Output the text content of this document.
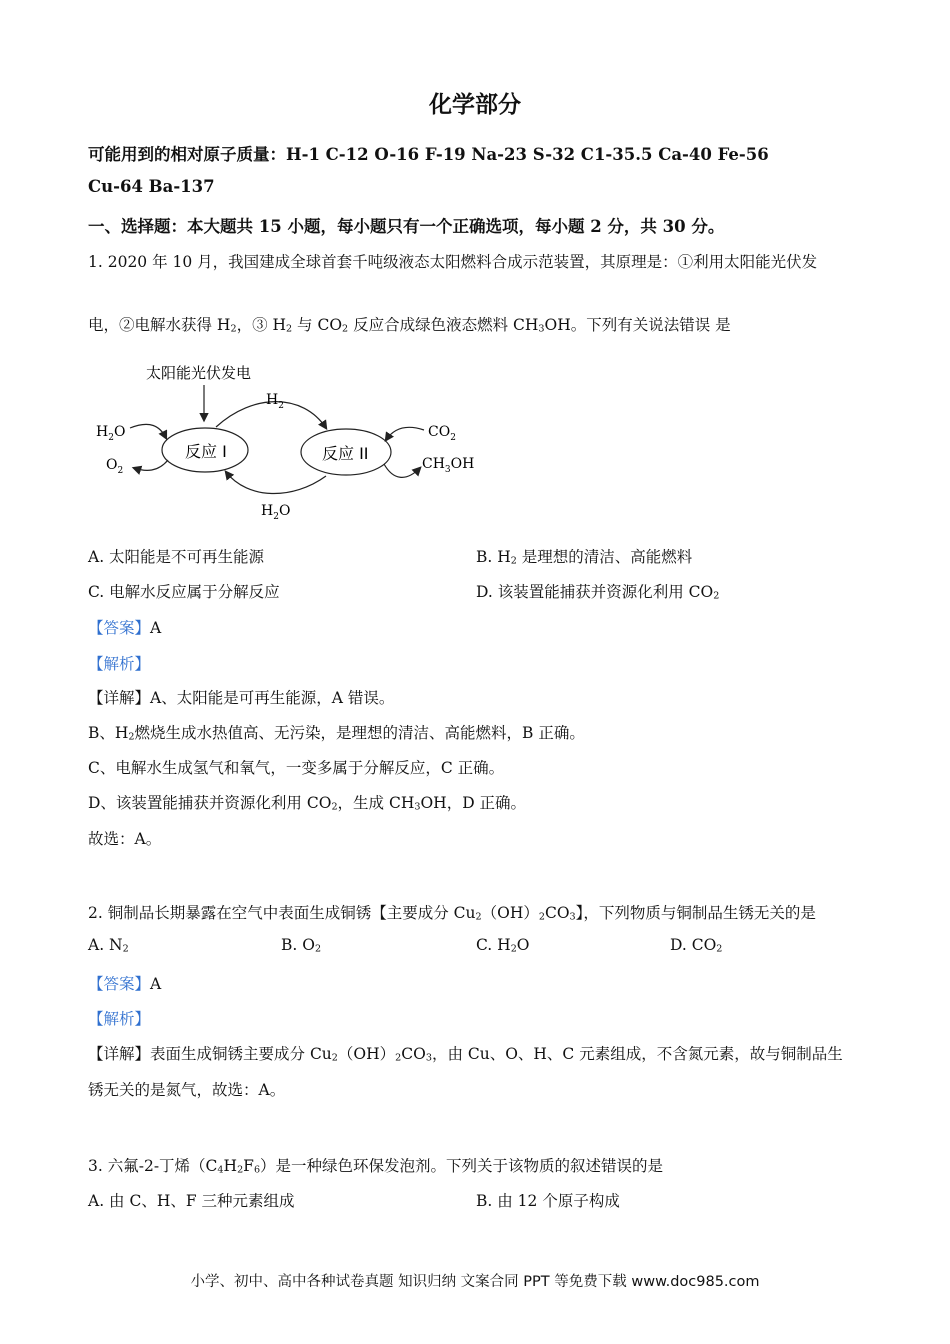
化学部分
可能用到的相对原子质量：H-1 C-12 O-16 F-19 Na-23 S-32 C1-35.5 Ca-40 Fe-56
Cu-64 Ba-137
一、选择题：本大题共 15 小题，每小题只有一个正确选项，每小题 2 分，共 30 分。
1. 2020 年 10 月，我国建成全球首套千吨级液态太阳燃料合成示范装置，其原理是：①利用太阳能光伏发
电，②电解水获得 $H_2$，③ $H_2$ 与 $CO_2$ 反应合成绿色液态燃料 $CH_3OH$。下列有关说法错误 是
太阳能光伏发电
反应 I	反应 II
$H_2$
$H_2O$
$H_2O$
$O_2$
$CO_2$
$CH_3OH$
A. 太阳能是不可再生能源	B. $H_2$ 是理想的清洁、高能燃料
C. 电解水反应属于分解反应	D. 该装置能捕获并资源化利用 $CO_2$
【答案】A
【解析】
【详解】A、太阳能是可再生能源，A 错误。
B、$H_2$燃烧生成水热值高、无污染，是理想的清洁、高能燃料，B 正确。
C、电解水生成氢气和氧气，一变多属于分解反应，C 正确。
D、该装置能捕获并资源化利用 $CO_2$，生成 $CH_3OH$，D 正确。
故选：A。
2. 铜制品长期暴露在空气中表面生成铜锈【主要成分 $Cu_2(OH)_2CO_3$】，下列物质与铜制品生锈无关的是
A. $N_2$	B. $O_2$	C. $H_2O$	D. $CO_2$
【答案】A
【解析】
【详解】表面生成铜锈主要成分 $Cu_2(OH)_2CO_3$，由 Cu、O、H、C 元素组成，不含氮元素，故与铜制品生
锈无关的是氮气，故选：A。
3. 六氟-2-丁烯$(C_4H_2F_6)$是一种绿色环保发泡剂。下列关于该物质的叙述错误的是
A. 由 C、H、F 三种元素组成	B. 由 12 个原子构成
小学、初中、高中各种试卷真题 知识归纳 文案合同 PPT 等免费下载 www.doc985.com
